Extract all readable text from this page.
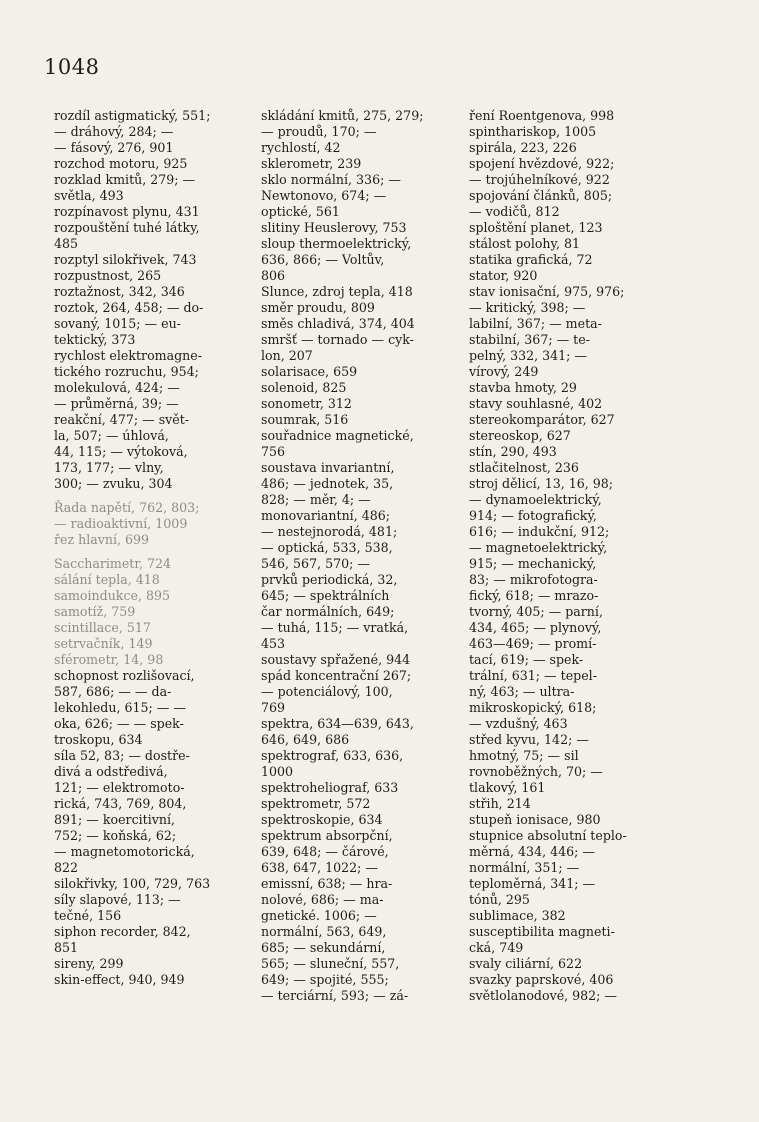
1048
rozdíl astigmatický, 551;
— dráhový, 284; —
— fásový, 276, 901
rozchod motoru, 925
rozklad kmitů, 279; —
světla, 493
rozpínavost plynu, 431
rozpouštění tuhé látky,
485
rozptyl silokřivek, 743
rozpustnost, 265
roztažnost, 342, 346
roztok, 264, 458; — do-
sovaný, 1015; — eu-
tektický, 373
rychlost elektromagne-
tického rozruchu, 954;
molekulová, 424; —
— průměrná, 39; —
reakční, 477; — svět-
la, 507; — úhlová,
44, 115; — výtoková,
173, 177; — vlny,
300; — zvuku, 304
Řada napětí, 762, 803;
— radioaktivní, 1009
řez hlavní, 699
Saccharimetr, 724
sálání tepla, 418
samoindukce, 895
samotíž, 759
scintillace, 517
setrvačník, 149
sférometr, 14, 98
schopnost rozlišovací,
587, 686; — — da-
lekohledu, 615; — —
oka, 626; — — spek-
troskopu, 634
síla 52, 83; — dostře-
divá a odstředivá,
121; — elektromoto-
rická, 743, 769, 804,
891; — koercitivní,
752; — koňská, 62;
— magnetomotorická,
822
silokřivky, 100, 729, 763
síly slapové, 113; —
tečné, 156
siphon recorder, 842,
851
sireny, 299
skin-effect, 940, 949
skládání kmitů, 275, 279;
— proudů, 170; —
rychlostí, 42
sklerometr, 239
sklo normální, 336; —
Newtonovo, 674; —
optické, 561
slitiny Heuslerovy, 753
sloup thermoelektrický,
636, 866; — Voltův,
806
Slunce, zdroj tepla, 418
směr proudu, 809
směs chladivá, 374, 404
smršť — tornado — cyk-
lon, 207
solarisace, 659
solenoid, 825
sonometr, 312
soumrak, 516
souřadnice magnetické,
756
soustava invariantní,
486; — jednotek, 35,
828; — měr, 4; —
monovariantní, 486;
— nestejnorodá, 481;
— optická, 533, 538,
546, 567, 570; —
prvků periodická, 32,
645; — spektrálních
čar normálních, 649;
— tuhá, 115; — vratká,
453
soustavy spřažené, 944
spád koncentrační 267;
— potenciálový, 100,
769
spektra, 634—639, 643,
646, 649, 686
spektrograf, 633, 636,
1000
spektroheliograf, 633
spektrometr, 572
spektroskopie, 634
spektrum absorpční,
639, 648; — čárové,
638, 647, 1022; —
emissní, 638; — hra-
nolové, 686; — ma-
gnetické. 1006; —
normální, 563, 649,
685; — sekundární,
565; — sluneční, 557,
649; — spojité, 555;
— terciární, 593; — zá-
ření Roentgenova, 998
spinthariskop, 1005
spirála, 223, 226
spojení hvězdové, 922;
— trojúhelníkové, 922
spojování článků, 805;
— vodičů, 812
sploštění planet, 123
stálost polohy, 81
statika grafická, 72
stator, 920
stav ionisační, 975, 976;
— kritický, 398; —
labilní, 367; — meta-
stabilní, 367; — te-
pelný, 332, 341; —
vírový, 249
stavba hmoty, 29
stavy souhlasné, 402
stereokomparátor, 627
stereoskop, 627
stín, 290, 493
stlačitelnost, 236
stroj dělicí, 13, 16, 98;
— dynamoelektrický,
914; — fotografický,
616; — indukční, 912;
— magnetoelektrický,
915; — mechanický,
83; — mikrofotogra-
fický, 618; — mrazo-
tvorný, 405; — parní,
434, 465; — plynový,
463—469; — promí-
tací, 619; — spek-
trální, 631; — tepel-
ný, 463; — ultra-
mikroskopický, 618;
— vzdušný, 463
střed kyvu, 142; —
hmotný, 75; — sil
rovnoběžných, 70; —
tlakový, 161
střih, 214
stupeň ionisace, 980
stupnice absolutní teplo-
měrná, 434, 446; —
normální, 351; —
teploměrná, 341; —
tónů, 295
sublimace, 382
susceptibilita magneti-
cká, 749
svaly ciliární, 622
svazky paprskové, 406
světlolanodové, 982; —
